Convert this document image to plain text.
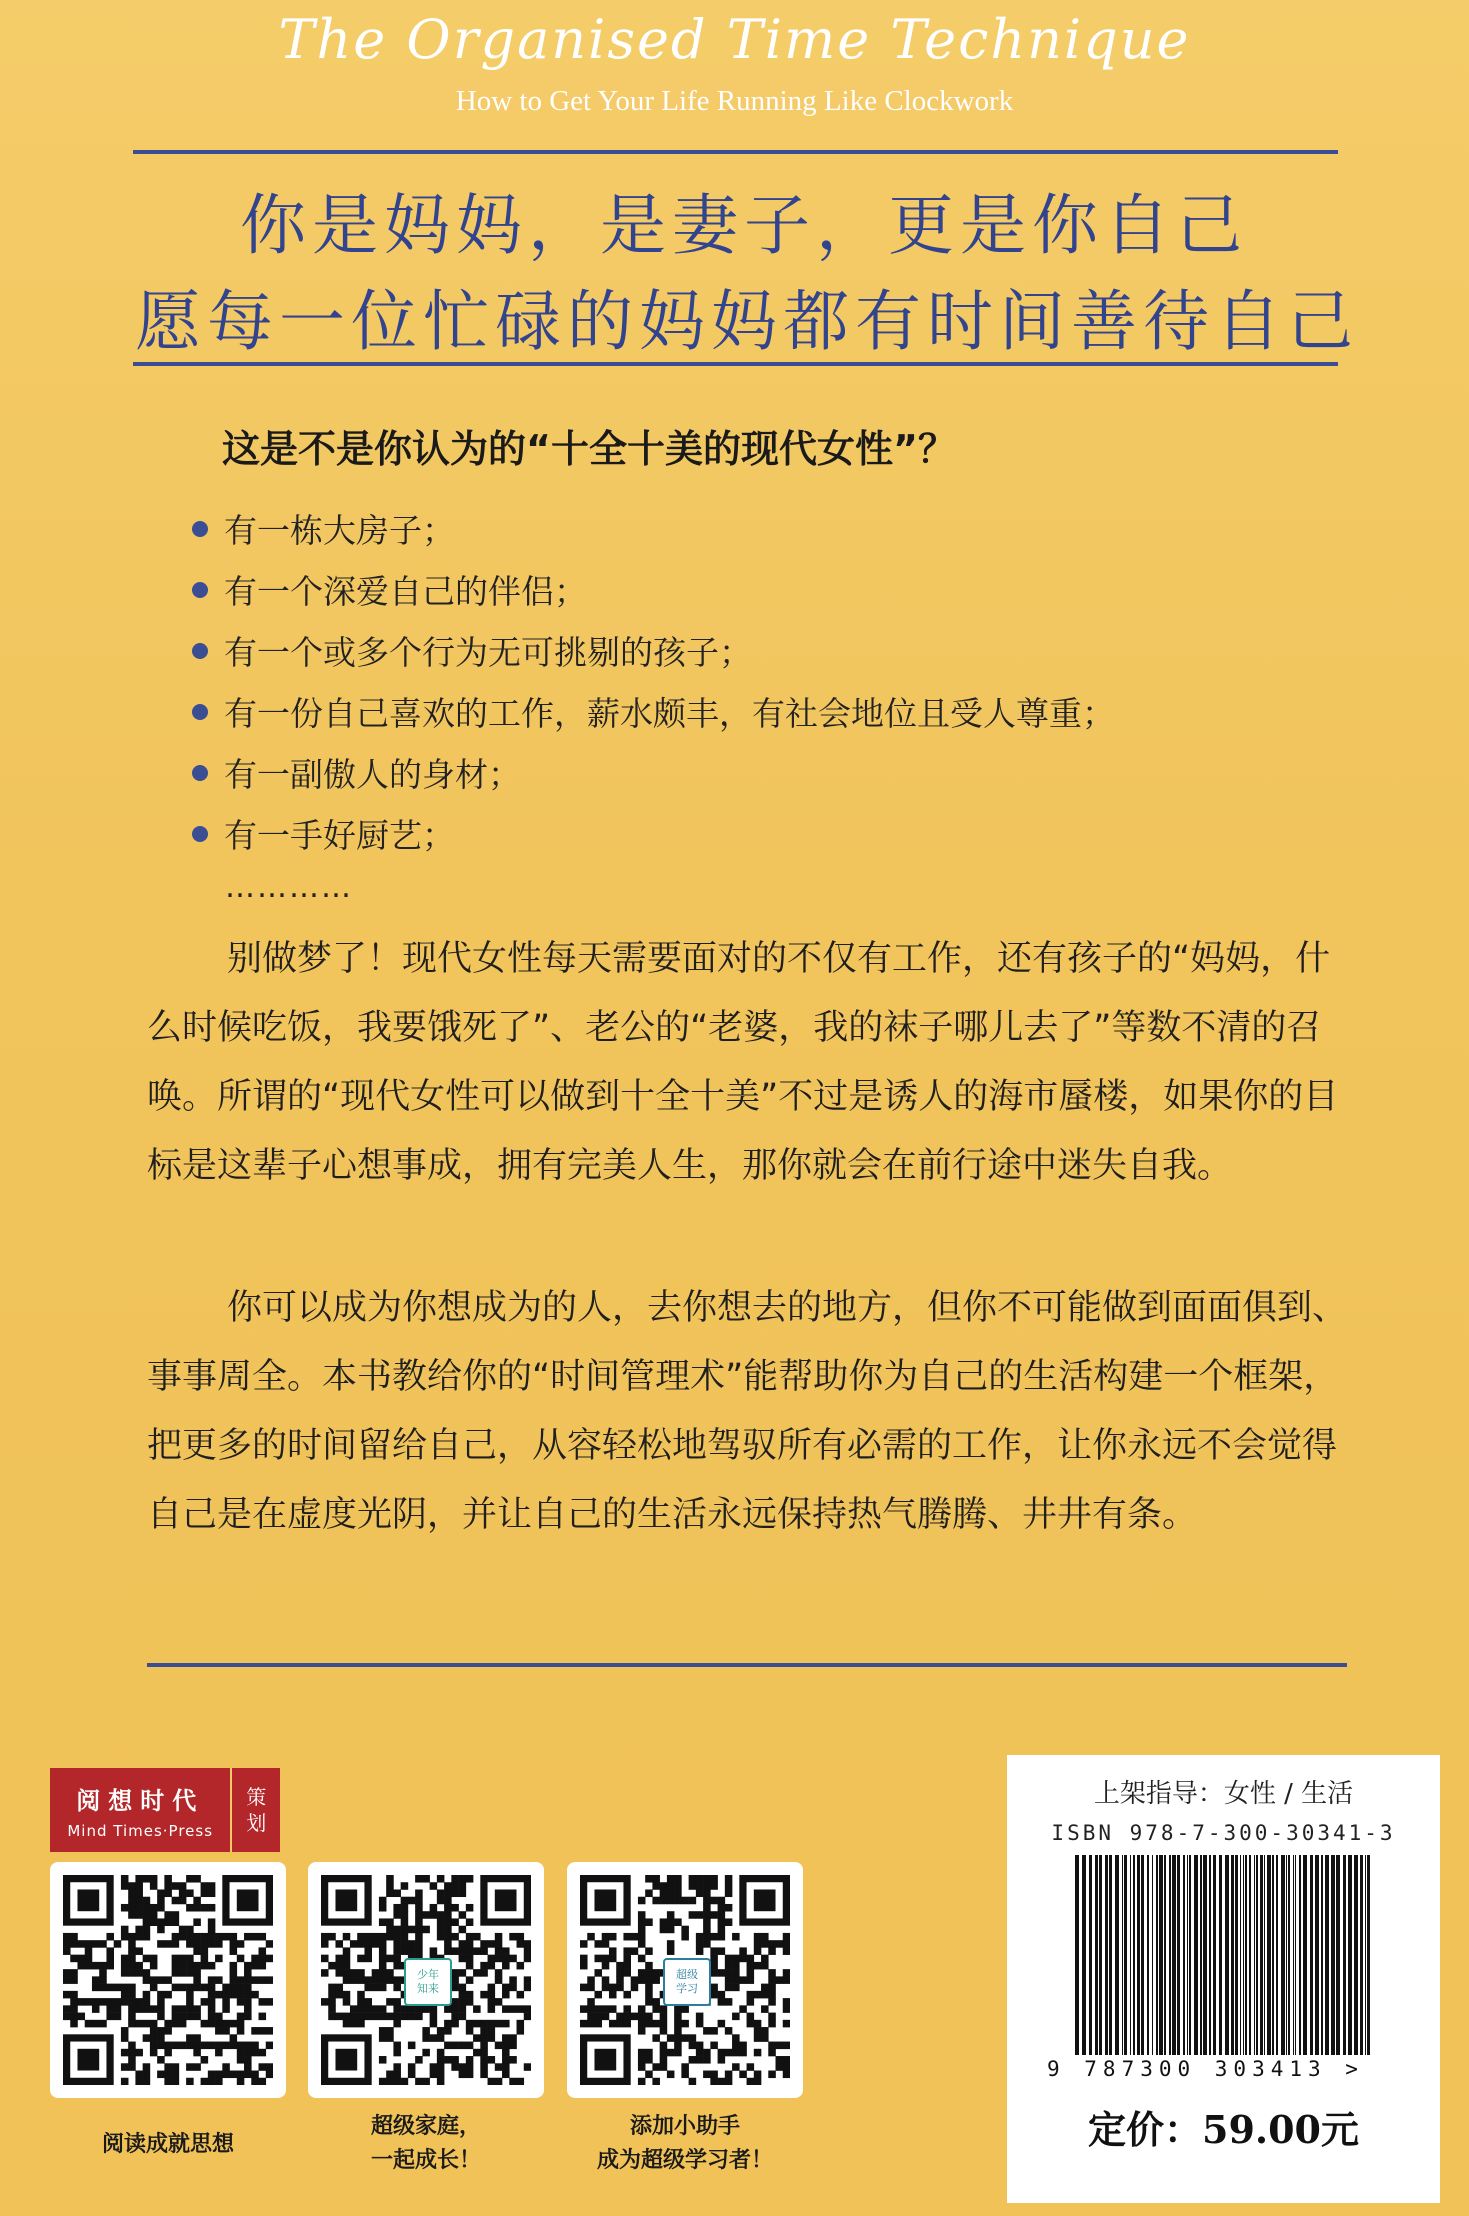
The Organised Time Technique
How to Get Your Life Running Like Clockwork
你是妈妈，是妻子，更是你自己
愿每一位忙碌的妈妈都有时间善待自己
这是不是你认为的“十全十美的现代女性”？
有一栋大房子；
有一个深爱自己的伴侣；
有一个或多个行为无可挑剔的孩子；
有一份自己喜欢的工作，薪水颇丰，有社会地位且受人尊重；
有一副傲人的身材；
有一手好厨艺；
…………

别做梦了！现代女性每天需要面对的不仅有工作，还有孩子的“妈妈，什么时候吃饭，我要饿死了”、老公的“老婆，我的袜子哪儿去了”等数不清的召唤。所谓的“现代女性可以做到十全十美”不过是诱人的海市蜃楼，如果你的目标是这辈子心想事成，拥有完美人生，那你就会在前行途中迷失自我。

你可以成为你想成为的人，去你想去的地方，但你不可能做到面面俱到、事事周全。本书教给你的“时间管理术”能帮助你为自己的生活构建一个框架，把更多的时间留给自己，从容轻松地驾驭所有必需的工作，让你永远不会觉得自己是在虚度光阴，并让自己的生活永远保持热气腾腾、井井有条。

阅想时代
Mind Times·Press
策
划
阅读成就思想
少年
知来
超级家庭，
一起成长！
超级
学习
添加小助手
成为超级学习者！
上架指导：女性 / 生活
ISBN 978-7-300-30341-3
9 787300 303413 >
定价：59.00元
